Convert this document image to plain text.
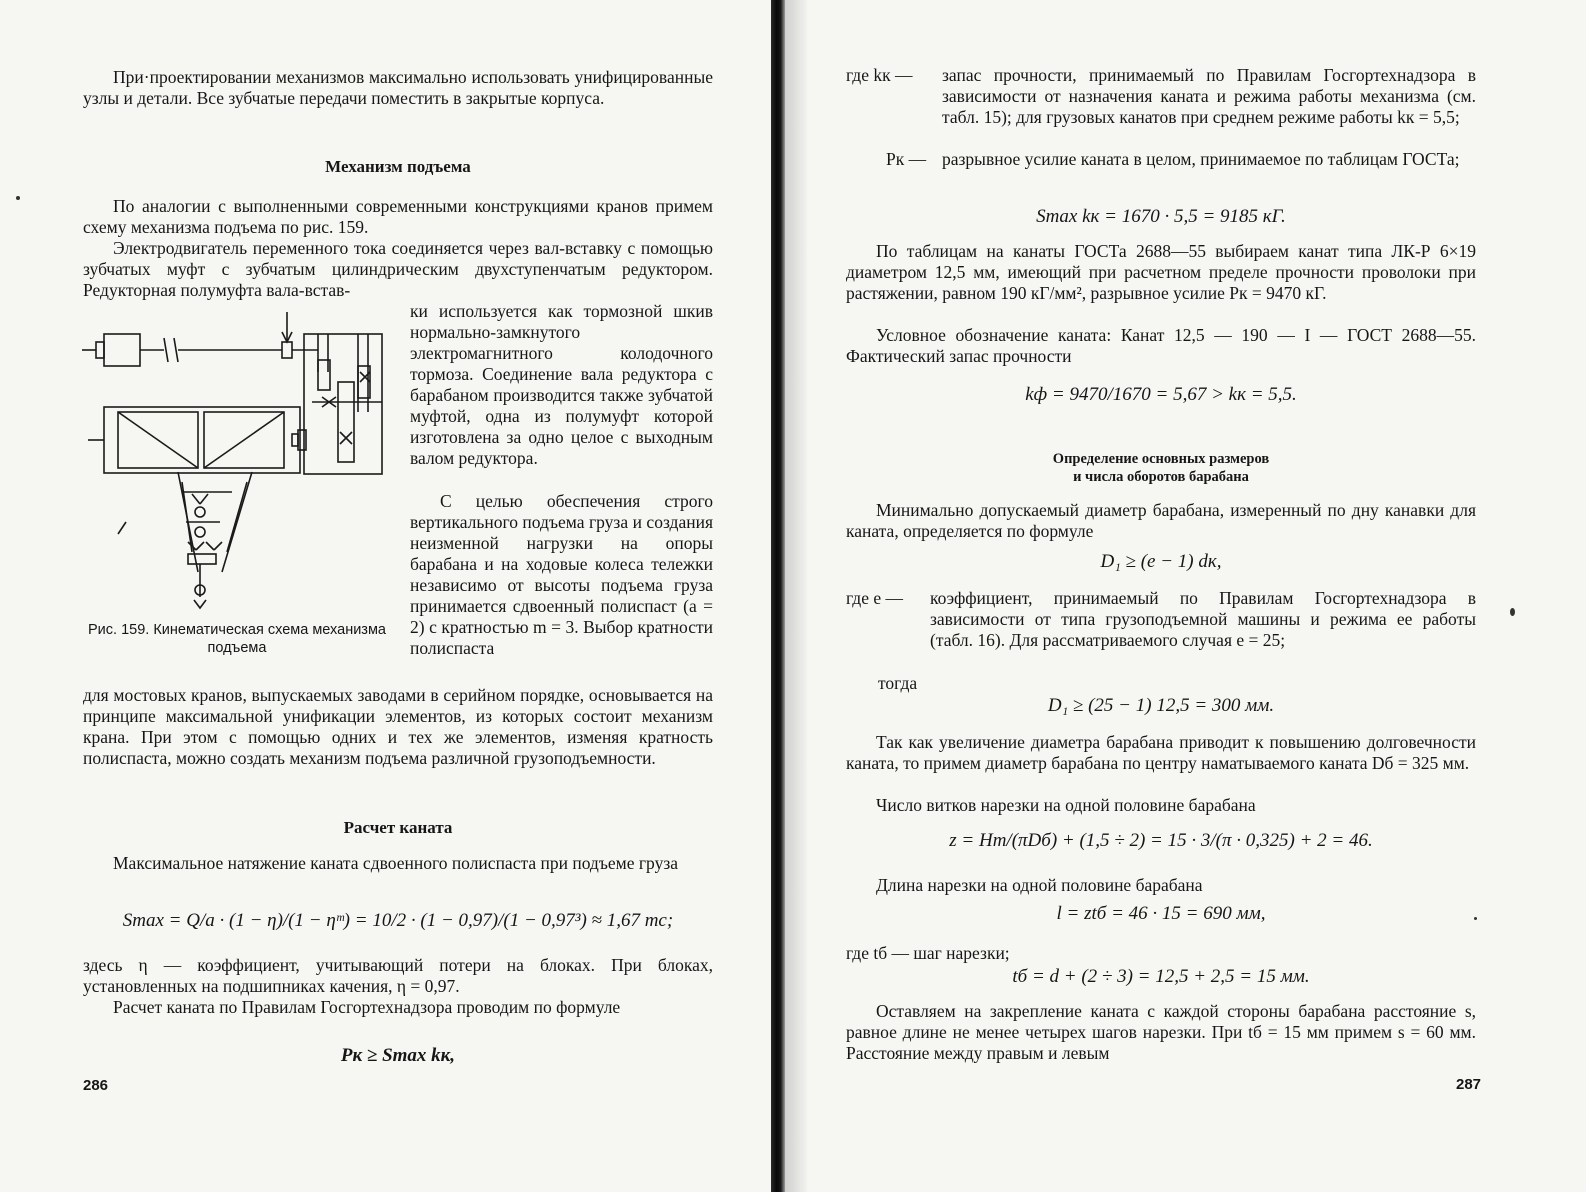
При·проектировании механизмов максимально использовать унифицированные узлы и детали. Все зубчатые передачи поместить в закрытые корпуса.
Механизм подъема
По аналогии с выполненными современными конструкциями кранов примем схему механизма подъема по рис. 159.
Электродвигатель переменного тока соединяется через вал-вставку с помощью зубчатых муфт с зубчатым цилиндрическим двухступенчатым редуктором. Редукторная полумуфта вала-встав-
ки используется как тормозной шкив нормально-замкнутого электромагнитного колодочного тормоза. Соединение вала редуктора с барабаном производится также зубчатой муфтой, одна из полумуфт которой изготовлена за одно целое с выходным валом редуктора.
С целью обеспечения строго вертикального подъема груза и создания неизменной нагрузки на опоры барабана и на ходовые колеса тележки независимо от высоты подъема груза принимается сдвоенный полиспаст (a = 2) с кратностью m = 3. Выбор кратности полиспаста
для мостовых кранов, выпускаемых заводами в серийном порядке, основывается на принципе максимальной унификации элементов, из которых состоит механизм крана. При этом с помощью одних и тех же элементов, изменяя кратность полиспаста, можно создать механизм подъема различной грузоподъемности.
Рис. 159. Кинематическая схема механизма подъема
Расчет каната
Максимальное натяжение каната сдвоенного полиспаста при подъеме груза
Smax = Q/a · (1 − η)/(1 − ηᵐ) = 10/2 · (1 − 0,97)/(1 − 0,97³) ≈ 1,67 тс;
здесь η — коэффициент, учитывающий потери на блоках. При блоках, установленных на подшипниках качения, η = 0,97.
Расчет каната по Правилам Госгортехнадзора проводим по формуле
Pк ≥ Smax kк,
286
где kк —	запас прочности, принимаемый по Правилам Госгортехнадзора в зависимости от назначения каната и режима работы механизма (см. табл. 15); для грузовых канатов при среднем режиме работы kк = 5,5;
Pк — разрывное усилие каната в целом, принимаемое по таблицам ГОСТа;
Smax kк = 1670 · 5,5 = 9185 кГ.
По таблицам на канаты ГОСТа 2688—55 выбираем канат типа ЛК-Р 6×19 диаметром 12,5 мм, имеющий при расчетном пределе прочности проволоки при растяжении, равном 190 кГ/мм², разрывное усилие Pк = 9470 кГ.
Условное обозначение каната: Канат 12,5 — 190 — I — ГОСТ 2688—55. Фактический запас прочности
kф = 9470/1670 = 5,67 > kк = 5,5.
Определение основных размеров
и числа оборотов барабана
Минимально допускаемый диаметр барабана, измеренный по дну канавки для каната, определяется по формуле
D₁ ≥ (e − 1) dк,
где e —	коэффициент, принимаемый по Правилам Госгортехнадзора в зависимости от типа грузоподъемной машины и режима ее работы (табл. 16). Для рассматриваемого случая e = 25;
тогда
D₁ ≥ (25 − 1) 12,5 = 300 мм.
Так как увеличение диаметра барабана приводит к повышению долговечности каната, то примем диаметр барабана по центру наматываемого каната Dб = 325 мм.
Число витков нарезки на одной половине барабана
z = Hm/(πDб) + (1,5 ÷ 2) = 15 · 3/(π · 0,325) + 2 = 46.
Длина нарезки на одной половине барабана
l = ztб = 46 · 15 = 690 мм,
где tб — шаг нарезки;
tб = d + (2 ÷ 3) = 12,5 + 2,5 = 15 мм.
Оставляем на закрепление каната с каждой стороны барабана расстояние s, равное длине не менее четырех шагов нарезки. При tб = 15 мм примем s = 60 мм. Расстояние между правым и левым
287
